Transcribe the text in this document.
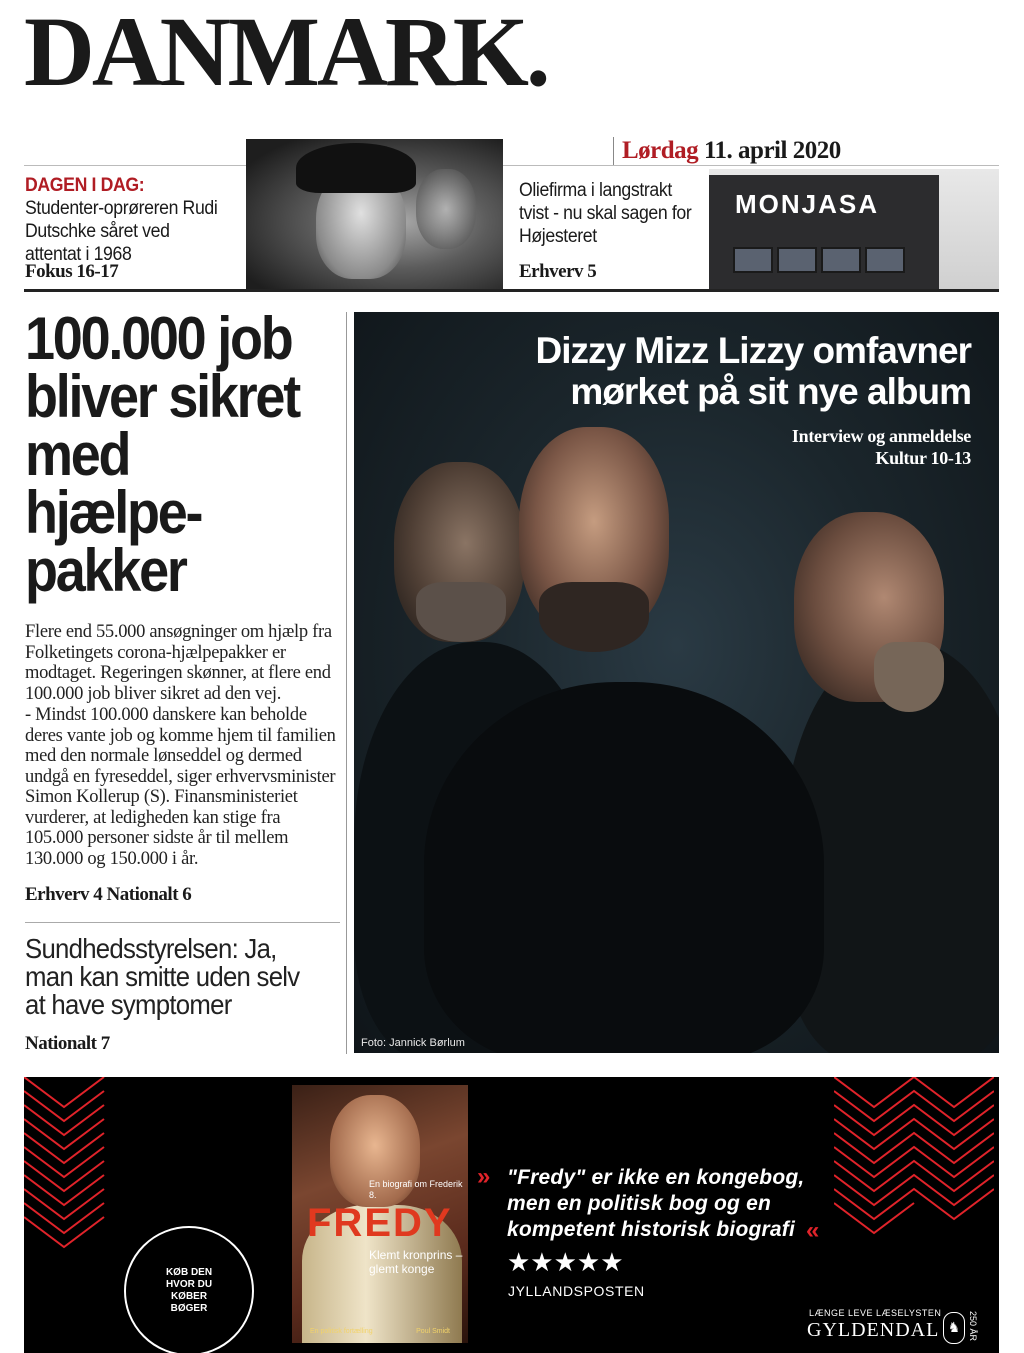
DANMARK.
Lørdag 11. april 2020
DAGEN I DAG: Studenter-oprøreren Rudi Dutschke såret ved attentat i 1968
Fokus 16-17
Oliefirma i langstrakt tvist - nu skal sagen for Højesteret
Erhverv 5
MONJASA
100.000 job bliver sikret med hjælpe-pakker
Flere end 55.000 ansøgninger om hjælp fra Folketingets corona-hjælpepakker er modtaget. Regeringen skønner, at flere end 100.000 job bliver sikret ad den vej.
- Mindst 100.000 danskere kan beholde deres vante job og komme hjem til familien med den normale lønseddel og dermed undgå en fyreseddel, siger erhvervsminister Simon Kollerup (S). Finansministeriet vurderer, at ledigheden kan stige fra 105.000 personer sidste år til mellem 130.000 og 150.000 i år.
Erhverv 4 Nationalt 6
Sundhedsstyrelsen: Ja, man kan smitte uden selv at have symptomer
Nationalt 7
Dizzy Mizz Lizzy omfavner
mørket på sit nye album
Interview og anmeldelse
Kultur 10-13
Foto: Jannick Børlum
KØB DEN HVOR DU KØBER BØGER
En biografi om Frederik 8.
FREDY
Klemt kronprins – glemt konge
En politisk fortælling	Poul Smidt
» "Fredy" er ikke en kongebog, men en politisk bog og en kompetent historisk biografi «
★★★★★
JYLLANDSPOSTEN
LÆNGE LEVE LÆSELYSTEN
GYLDENDAL ♞ 250 ÅR
